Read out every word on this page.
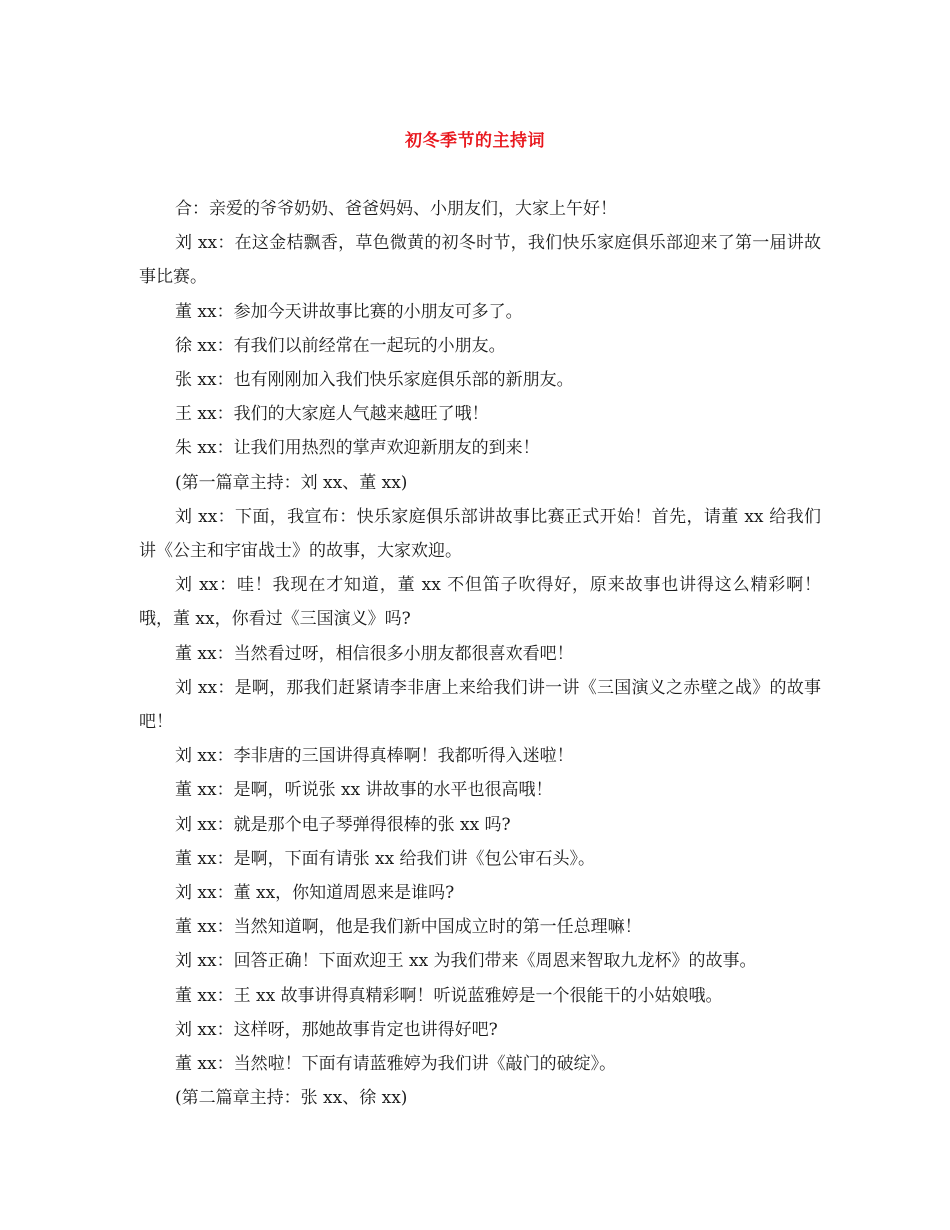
初冬季节的主持词

合：亲爱的爷爷奶奶、爸爸妈妈、小朋友们，大家上午好！

刘 xx：在这金桔飘香，草色微黄的初冬时节，我们快乐家庭俱乐部迎来了第一届讲故事比赛。

董 xx：参加今天讲故事比赛的小朋友可多了。

徐 xx：有我们以前经常在一起玩的小朋友。

张 xx：也有刚刚加入我们快乐家庭俱乐部的新朋友。

王 xx：我们的大家庭人气越来越旺了哦！

朱 xx：让我们用热烈的掌声欢迎新朋友的到来！

(第一篇章主持：刘 xx、董 xx)

刘 xx：下面，我宣布：快乐家庭俱乐部讲故事比赛正式开始！首先，请董 xx 给我们讲《公主和宇宙战士》的故事，大家欢迎。

刘 xx：哇！我现在才知道，董 xx 不但笛子吹得好，原来故事也讲得这么精彩啊！哦，董 xx，你看过《三国演义》吗?

董 xx：当然看过呀，相信很多小朋友都很喜欢看吧！

刘 xx：是啊，那我们赶紧请李非唐上来给我们讲一讲《三国演义之赤壁之战》的故事吧！

刘 xx：李非唐的三国讲得真棒啊！我都听得入迷啦！

董 xx：是啊，听说张 xx 讲故事的水平也很高哦！

刘 xx：就是那个电子琴弹得很棒的张 xx 吗?

董 xx：是啊，下面有请张 xx 给我们讲《包公审石头》。

刘 xx：董 xx，你知道周恩来是谁吗?

董 xx：当然知道啊，他是我们新中国成立时的第一任总理嘛！

刘 xx：回答正确！下面欢迎王 xx 为我们带来《周恩来智取九龙杯》的故事。

董 xx：王 xx 故事讲得真精彩啊！听说蓝雅婷是一个很能干的小姑娘哦。

刘 xx：这样呀，那她故事肯定也讲得好吧?

董 xx：当然啦！下面有请蓝雅婷为我们讲《敲门的破绽》。

(第二篇章主持：张 xx、徐 xx)
